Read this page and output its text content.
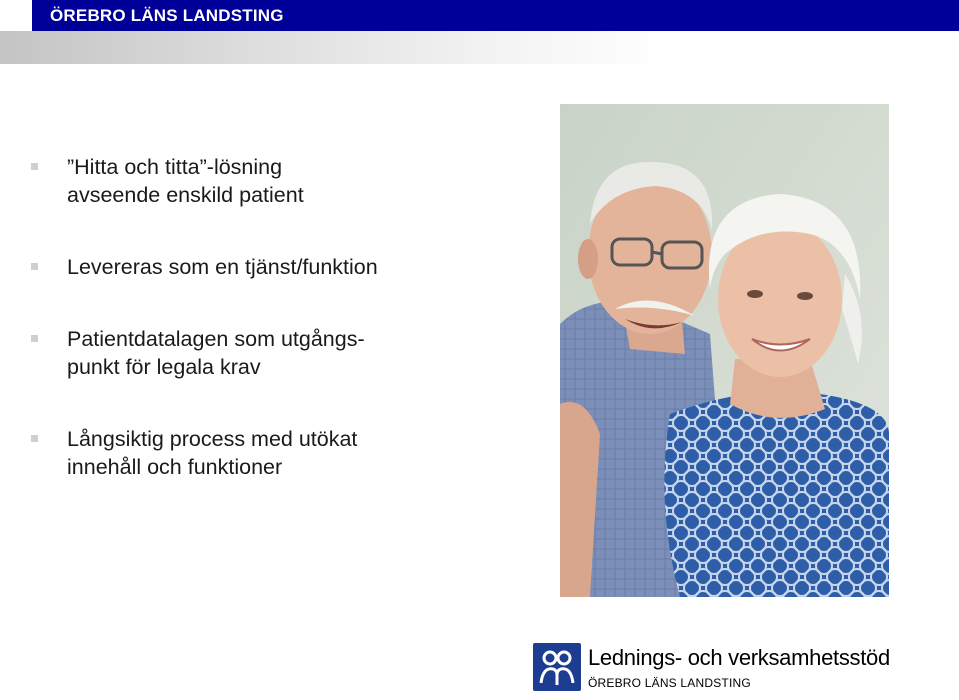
ÖREBRO LÄNS LANDSTING
”Hitta och titta”-lösning
avseende enskild patient
Levereras som en tjänst/funktion
Patientdatalagen som utgångs-
punkt för legala krav
Långsiktig process med utökat
innehåll och funktioner
Lednings- och verksamhetsstöd
ÖREBRO LÄNS LANDSTING
